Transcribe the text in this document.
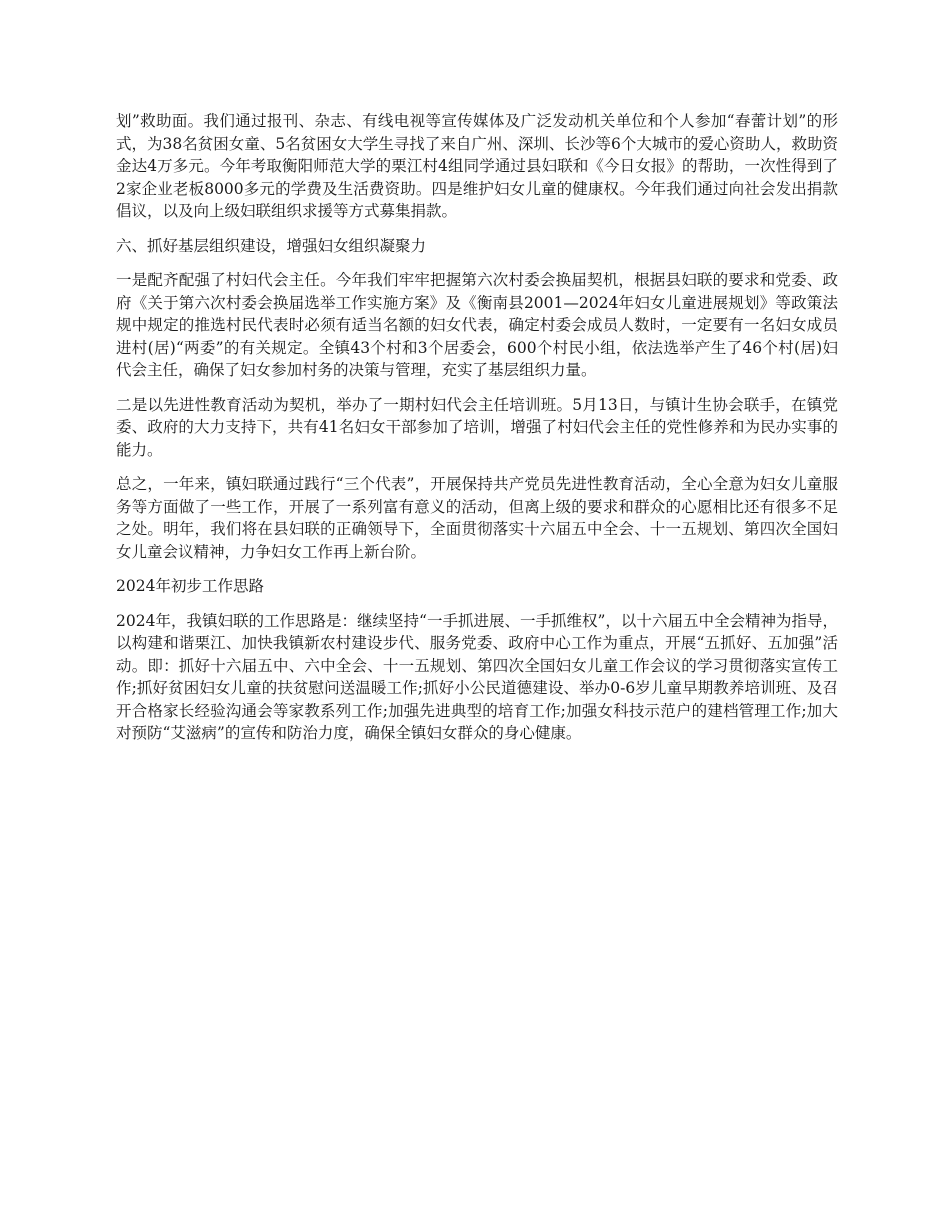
划”救助面。我们通过报刊、杂志、有线电视等宣传媒体及广泛发动机关单位和个人参加“春蕾计划”的形式，为38名贫困女童、5名贫困女大学生寻找了来自广州、深圳、长沙等6个大城市的爱心资助人，救助资金达4万多元。今年考取衡阳师范大学的栗江村4组同学通过县妇联和《今日女报》的帮助，一次性得到了2家企业老板8000多元的学费及生活费资助。四是维护妇女儿童的健康权。今年我们通过向社会发出捐款倡议，以及向上级妇联组织求援等方式募集捐款。

六、抓好基层组织建设，增强妇女组织凝聚力

一是配齐配强了村妇代会主任。今年我们牢牢把握第六次村委会换届契机，根据县妇联的要求和党委、政府《关于第六次村委会换届选举工作实施方案》及《衡南县2001—2024年妇女儿童进展规划》等政策法规中规定的推选村民代表时必须有适当名额的妇女代表，确定村委会成员人数时，一定要有一名妇女成员进村(居)“两委”的有关规定。全镇43个村和3个居委会，600个村民小组，依法选举产生了46个村(居)妇代会主任，确保了妇女参加村务的决策与管理，充实了基层组织力量。

二是以先进性教育活动为契机，举办了一期村妇代会主任培训班。5月13日，与镇计生协会联手，在镇党委、政府的大力支持下，共有41名妇女干部参加了培训，增强了村妇代会主任的党性修养和为民办实事的能力。

总之，一年来，镇妇联通过践行“三个代表”，开展保持共产党员先进性教育活动，全心全意为妇女儿童服务等方面做了一些工作，开展了一系列富有意义的活动，但离上级的要求和群众的心愿相比还有很多不足之处。明年，我们将在县妇联的正确领导下，全面贯彻落实十六届五中全会、十一五规划、第四次全国妇女儿童会议精神，力争妇女工作再上新台阶。

2024年初步工作思路

2024年，我镇妇联的工作思路是：继续坚持“一手抓进展、一手抓维权”，以十六届五中全会精神为指导，以构建和谐栗江、加快我镇新农村建设步代、服务党委、政府中心工作为重点，开展“五抓好、五加强”活动。即：抓好十六届五中、六中全会、十一五规划、第四次全国妇女儿童工作会议的学习贯彻落实宣传工作;抓好贫困妇女儿童的扶贫慰问送温暖工作;抓好小公民道德建设、举办0-6岁儿童早期教养培训班、及召开合格家长经验沟通会等家教系列工作;加强先进典型的培育工作;加强女科技示范户的建档管理工作;加大对预防“艾滋病”的宣传和防治力度，确保全镇妇女群众的身心健康。
